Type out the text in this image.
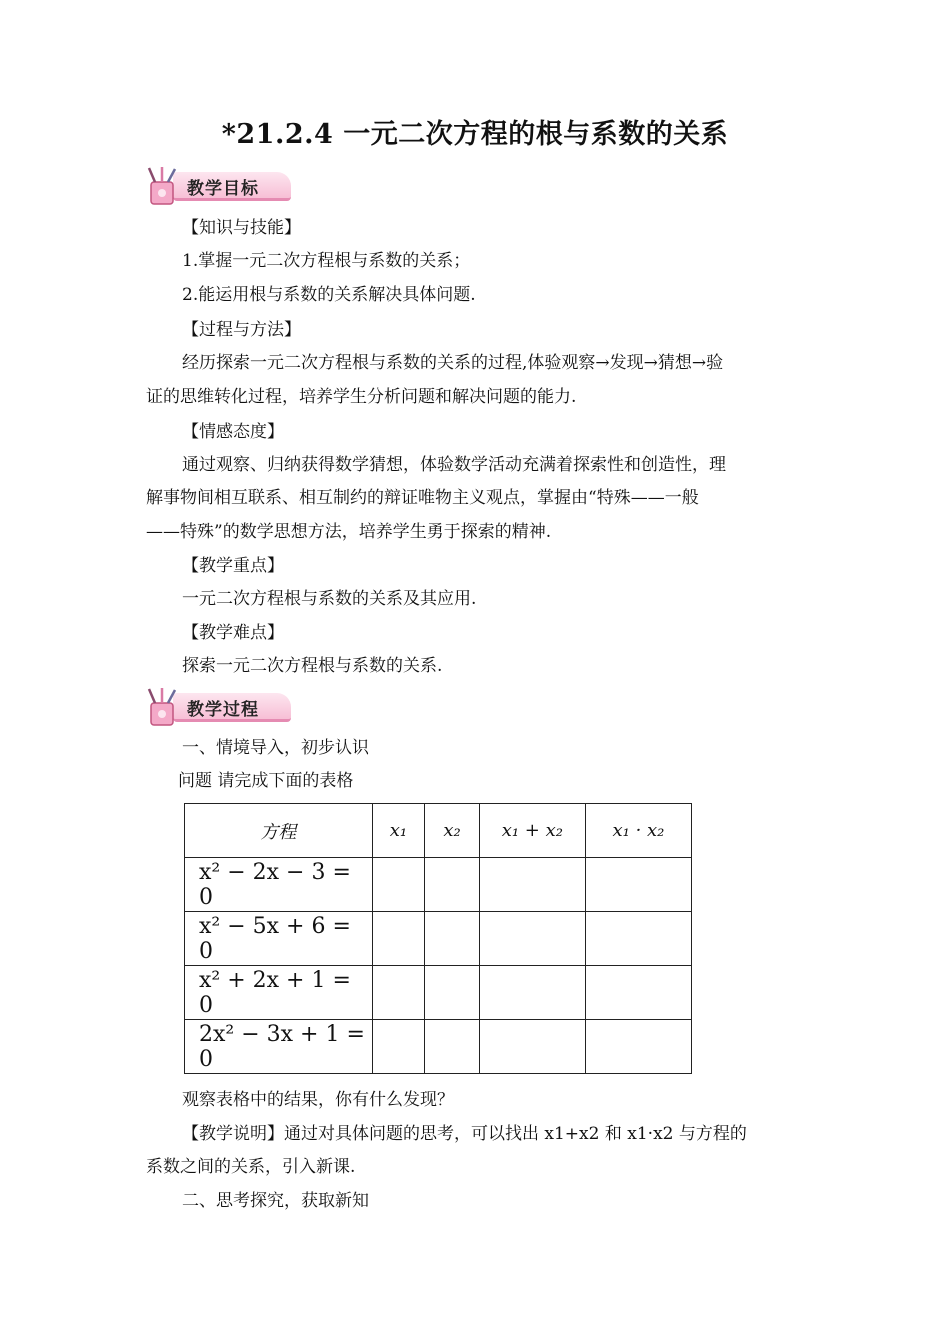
*21.2.4 一元二次方程的根与系数的关系
教学目标
【知识与技能】
1.掌握一元二次方程根与系数的关系；
2.能运用根与系数的关系解决具体问题.
【过程与方法】
经历探索一元二次方程根与系数的关系的过程,体验观察→发现→猜想→验
证的思维转化过程，培养学生分析问题和解决问题的能力.
【情感态度】
通过观察、归纳获得数学猜想，体验数学活动充满着探索性和创造性，理
解事物间相互联系、相互制约的辩证唯物主义观点，掌握由“特殊——一般
——特殊”的数学思想方法，培养学生勇于探索的精神.
【教学重点】
一元二次方程根与系数的关系及其应用.
【教学难点】
探索一元二次方程根与系数的关系.
教学过程
一、情境导入，初步认识
问题 请完成下面的表格
方程	x₁	x₂	x₁ + x₂	x₁ · x₂
x² − 2x − 3 = 0				
x² − 5x + 6 = 0				
x² + 2x + 1 = 0				
2x² − 3x + 1 = 0				
观察表格中的结果，你有什么发现？
【教学说明】通过对具体问题的思考，可以找出 x1+x2 和 x1·x2 与方程的
系数之间的关系，引入新课.
二、思考探究，获取新知
